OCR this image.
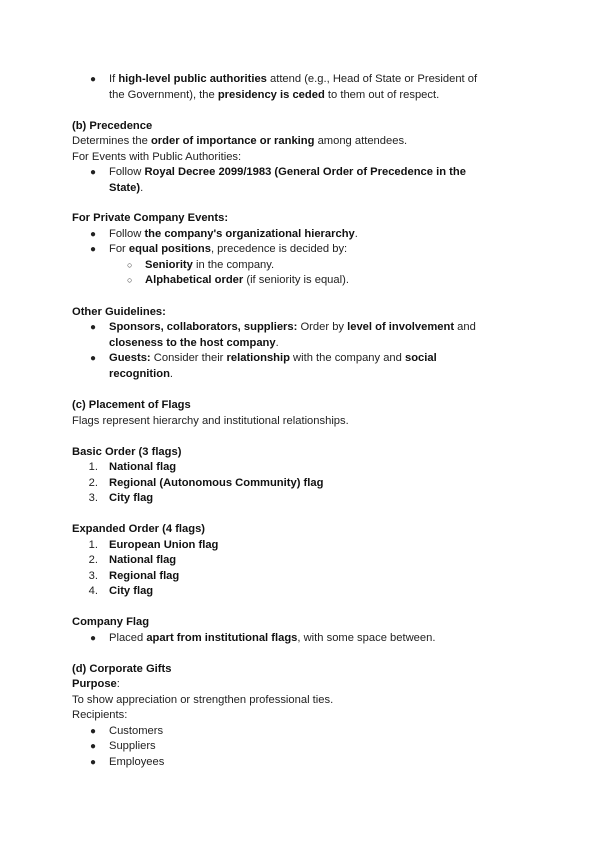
● If high-level public authorities attend (e.g., Head of State or President of
the Government), the presidency is ceded to them out of respect.
(b) Precedence
Determines the order of importance or ranking among attendees.
For Events with Public Authorities:
● Follow Royal Decree 2099/1983 (General Order of Precedence in the
State).
For Private Company Events:
● Follow the company's organizational hierarchy.
● For equal positions, precedence is decided by:
○ Seniority in the company.
○ Alphabetical order (if seniority is equal).
Other Guidelines:
● Sponsors, collaborators, suppliers: Order by level of involvement and
closeness to the host company.
● Guests: Consider their relationship with the company and social
recognition.
(c) Placement of Flags
Flags represent hierarchy and institutional relationships.
Basic Order (3 flags)
1. National flag
2. Regional (Autonomous Community) flag
3. City flag
Expanded Order (4 flags)
1. European Union flag
2. National flag
3. Regional flag
4. City flag
Company Flag
● Placed apart from institutional flags, with some space between.
(d) Corporate Gifts
Purpose:
To show appreciation or strengthen professional ties.
Recipients:
● Customers
● Suppliers
● Employees
